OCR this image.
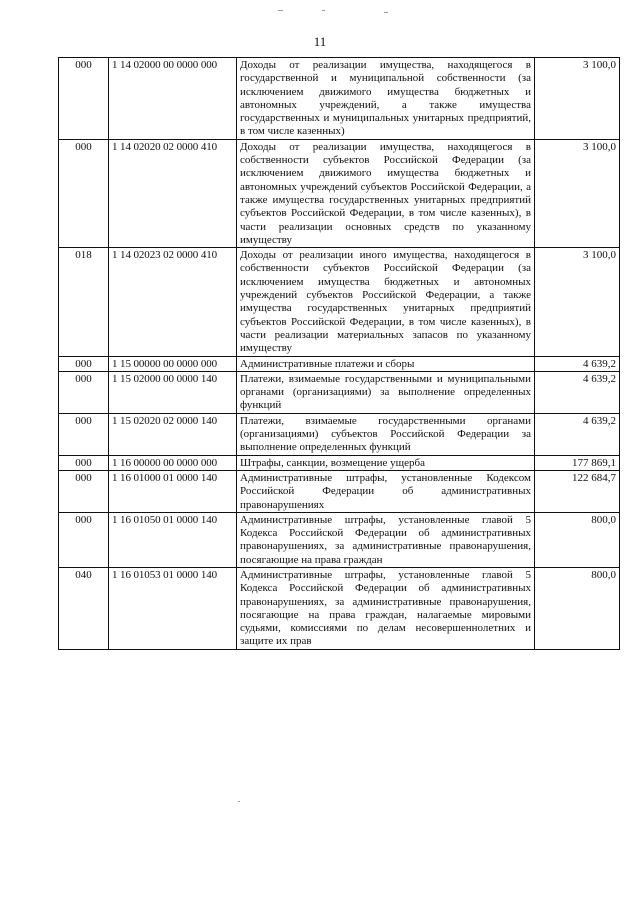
11
000	1 14 02000 00 0000 000	Доходы от реализации имущества, находящегося в государственной и муниципальной собственности (за исключением движимого имущества бюджетных и автономных учреждений, а также имущества государственных и муниципальных унитарных предприятий, в том числе казенных)	3 100,0
000	1 14 02020 02 0000 410	Доходы от реализации имущества, находящегося в собственности субъектов Российской Федерации (за исключением движимого имущества бюджетных и автономных учреждений субъектов Российской Федерации, а также имущества государственных унитарных предприятий субъектов Российской Федерации, в том числе казенных), в части реализации основных средств по указанному имуществу	3 100,0
018	1 14 02023 02 0000 410	Доходы от реализации иного имущества, находящегося в собственности субъектов Российской Федерации (за исключением имущества бюджетных и автономных учреждений субъектов Российской Федерации, а также имущества государственных унитарных предприятий субъектов Российской Федерации, в том числе казенных), в части реализации материальных запасов по указанному имуществу	3 100,0
000	1 15 00000 00 0000 000	Административные платежи и сборы	4 639,2
000	1 15 02000 00 0000 140	Платежи, взимаемые государственными и муниципальными органами (организациями) за выполнение определенных функций	4 639,2
000	1 15 02020 02 0000 140	Платежи, взимаемые государственными органами (организациями) субъектов Российской Федерации за выполнение определенных функций	4 639,2
000	1 16 00000 00 0000 000	Штрафы, санкции, возмещение ущерба	177 869,1
000	1 16 01000 01 0000 140	Административные штрафы, установленные Кодексом Российской Федерации об административных правонарушениях	122 684,7
000	1 16 01050 01 0000 140	Административные штрафы, установленные главой 5 Кодекса Российской Федерации об административных правонарушениях, за административные правонарушения, посягающие на права граждан	800,0
040	1 16 01053 01 0000 140	Административные штрафы, установленные главой 5 Кодекса Российской Федерации об административных правонарушениях, за административные правонарушения, посягающие на права граждан, налагаемые мировыми судьями, комиссиями по делам несовершеннолетних и защите их прав	800,0
